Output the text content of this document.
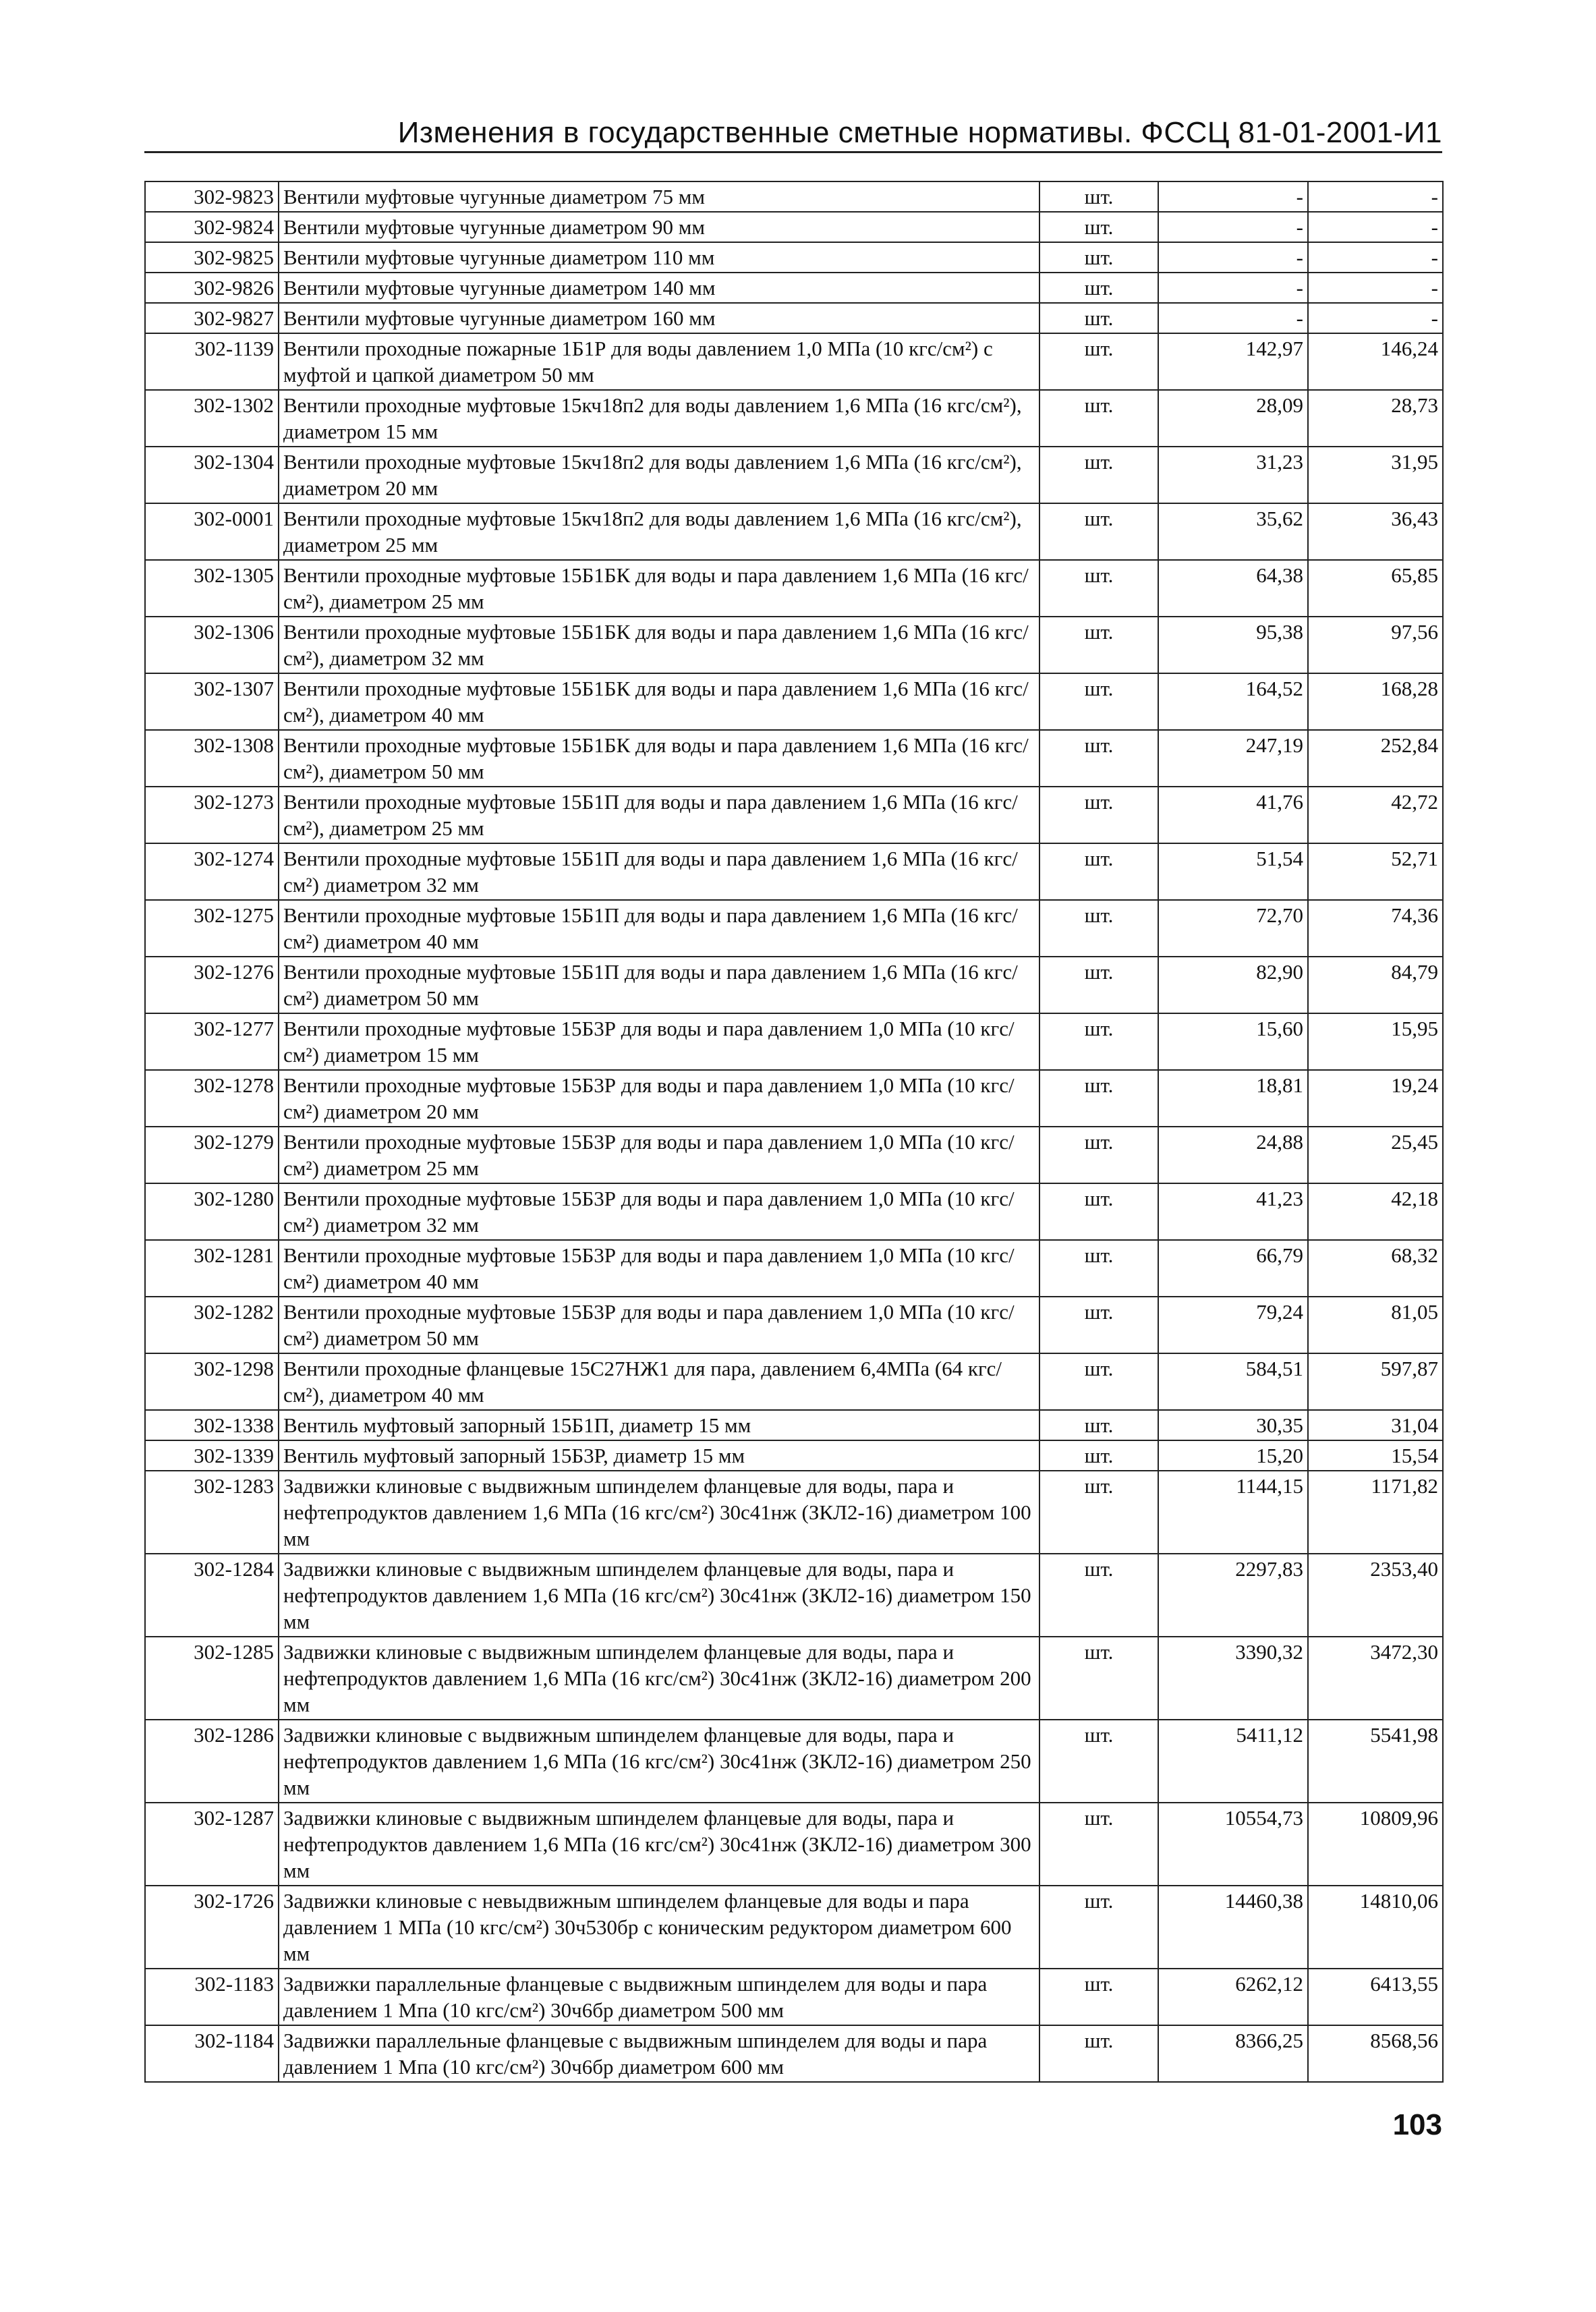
Изменения в государственные сметные нормативы. ФССЦ 81-01-2001-И1
302-9823	Вентили муфтовые чугунные диаметром 75 мм	шт.	-	-
302-9824	Вентили муфтовые чугунные диаметром 90 мм	шт.	-	-
302-9825	Вентили муфтовые чугунные диаметром 110 мм	шт.	-	-
302-9826	Вентили муфтовые чугунные диаметром 140 мм	шт.	-	-
302-9827	Вентили муфтовые чугунные диаметром 160 мм	шт.	-	-
302-1139	Вентили проходные пожарные 1Б1Р для воды давлением 1,0 МПа (10 кгс/см²) с муфтой и цапкой диаметром 50 мм	шт.	142,97	146,24
302-1302	Вентили проходные муфтовые 15кч18п2 для воды давлением 1,6 МПа (16 кгс/см²), диаметром 15 мм	шт.	28,09	28,73
302-1304	Вентили проходные муфтовые 15кч18п2 для воды давлением 1,6 МПа (16 кгс/см²), диаметром 20 мм	шт.	31,23	31,95
302-0001	Вентили проходные муфтовые 15кч18п2 для воды давлением 1,6 МПа (16 кгс/см²), диаметром 25 мм	шт.	35,62	36,43
302-1305	Вентили проходные муфтовые 15Б1БК для воды и пара давлением 1,6 МПа (16 кгс/см²), диаметром 25 мм	шт.	64,38	65,85
302-1306	Вентили проходные муфтовые 15Б1БК для воды и пара давлением 1,6 МПа (16 кгс/см²), диаметром 32 мм	шт.	95,38	97,56
302-1307	Вентили проходные муфтовые 15Б1БК для воды и пара давлением 1,6 МПа (16 кгс/см²), диаметром 40 мм	шт.	164,52	168,28
302-1308	Вентили проходные муфтовые 15Б1БК для воды и пара давлением 1,6 МПа (16 кгс/см²), диаметром 50 мм	шт.	247,19	252,84
302-1273	Вентили проходные муфтовые 15Б1П для воды и пара давлением 1,6 МПа (16 кгс/см²), диаметром 25 мм	шт.	41,76	42,72
302-1274	Вентили проходные муфтовые 15Б1П для воды и пара давлением 1,6 МПа (16 кгс/см²) диаметром 32 мм	шт.	51,54	52,71
302-1275	Вентили проходные муфтовые 15Б1П для воды и пара давлением 1,6 МПа (16 кгс/см²) диаметром 40 мм	шт.	72,70	74,36
302-1276	Вентили проходные муфтовые 15Б1П для воды и пара давлением 1,6 МПа (16 кгс/см²) диаметром 50 мм	шт.	82,90	84,79
302-1277	Вентили проходные муфтовые 15Б3Р для воды и пара давлением 1,0 МПа (10 кгс/см²) диаметром 15 мм	шт.	15,60	15,95
302-1278	Вентили проходные муфтовые 15Б3Р для воды и пара давлением 1,0 МПа (10 кгс/см²) диаметром 20 мм	шт.	18,81	19,24
302-1279	Вентили проходные муфтовые 15Б3Р для воды и пара давлением 1,0 МПа (10 кгс/см²) диаметром 25 мм	шт.	24,88	25,45
302-1280	Вентили проходные муфтовые 15Б3Р для воды и пара давлением 1,0 МПа (10 кгс/см²) диаметром 32 мм	шт.	41,23	42,18
302-1281	Вентили проходные муфтовые 15Б3Р для воды и пара давлением 1,0 МПа (10 кгс/см²) диаметром 40 мм	шт.	66,79	68,32
302-1282	Вентили проходные муфтовые 15Б3Р для воды и пара давлением 1,0 МПа (10 кгс/см²) диаметром 50 мм	шт.	79,24	81,05
302-1298	Вентили проходные фланцевые 15С27НЖ1 для пара, давлением 6,4МПа (64 кгс/см²), диаметром 40 мм	шт.	584,51	597,87
302-1338	Вентиль муфтовый запорный 15Б1П, диаметр 15 мм	шт.	30,35	31,04
302-1339	Вентиль муфтовый запорный 15Б3Р, диаметр 15 мм	шт.	15,20	15,54
302-1283	Задвижки клиновые с выдвижным шпинделем фланцевые для воды, пара и нефтепродуктов давлением 1,6 МПа (16 кгс/см²) 30с41нж (ЗКЛ2-16) диаметром 100 мм	шт.	1144,15	1171,82
302-1284	Задвижки клиновые с выдвижным шпинделем фланцевые для воды, пара и нефтепродуктов давлением 1,6 МПа (16 кгс/см²) 30с41нж (ЗКЛ2-16) диаметром 150 мм	шт.	2297,83	2353,40
302-1285	Задвижки клиновые с выдвижным шпинделем фланцевые для воды, пара и нефтепродуктов давлением 1,6 МПа (16 кгс/см²) 30с41нж (ЗКЛ2-16) диаметром 200 мм	шт.	3390,32	3472,30
302-1286	Задвижки клиновые с выдвижным шпинделем фланцевые для воды, пара и нефтепродуктов давлением 1,6 МПа (16 кгс/см²) 30с41нж (ЗКЛ2-16) диаметром 250 мм	шт.	5411,12	5541,98
302-1287	Задвижки клиновые с выдвижным шпинделем фланцевые для воды, пара и нефтепродуктов давлением 1,6 МПа (16 кгс/см²) 30с41нж (ЗКЛ2-16) диаметром 300 мм	шт.	10554,73	10809,96
302-1726	Задвижки клиновые с невыдвижным шпинделем фланцевые для воды и пара давлением 1 МПа (10 кгс/см²) 30ч530бр с коническим редуктором диаметром 600 мм	шт.	14460,38	14810,06
302-1183	Задвижки параллельные фланцевые с выдвижным шпинделем для воды и пара давлением 1 Мпа (10 кгс/см²) 30ч6бр диаметром 500 мм	шт.	6262,12	6413,55
302-1184	Задвижки параллельные фланцевые с выдвижным шпинделем для воды и пара давлением 1 Мпа (10 кгс/см²) 30ч6бр диаметром 600 мм	шт.	8366,25	8568,56
103
